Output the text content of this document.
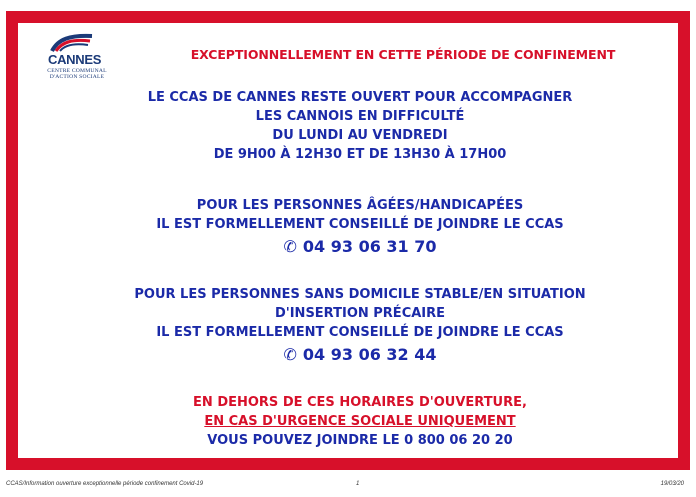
CANNES
CENTRE COMMUNAL
D'ACTION SOCIALE
EXCEPTIONNELLEMENT EN CETTE PÉRIODE DE CONFINEMENT

LE CCAS DE CANNES RESTE OUVERT POUR ACCOMPAGNER

LES CANNOIS EN DIFFICULTÉ

DU LUNDI AU VENDREDI

DE 9H00 À 12H30 ET DE 13H30 À 17H00

POUR LES PERSONNES ÂGÉES/HANDICAPÉES

IL EST FORMELLEMENT CONSEILLÉ DE JOINDRE LE CCAS

✆ 04 93 06 31 70

POUR LES PERSONNES SANS DOMICILE STABLE/EN SITUATION

D'INSERTION PRÉCAIRE

IL EST FORMELLEMENT CONSEILLÉ DE JOINDRE LE CCAS

✆ 04 93 06 32 44

EN DEHORS DE CES HORAIRES D'OUVERTURE,

EN CAS D'URGENCE SOCIALE UNIQUEMENT

VOUS POUVEZ JOINDRE LE 0 800 06 20 20

CCAS/Information ouverture exceptionnelle période confinement Covid-19	1	19/03/20
